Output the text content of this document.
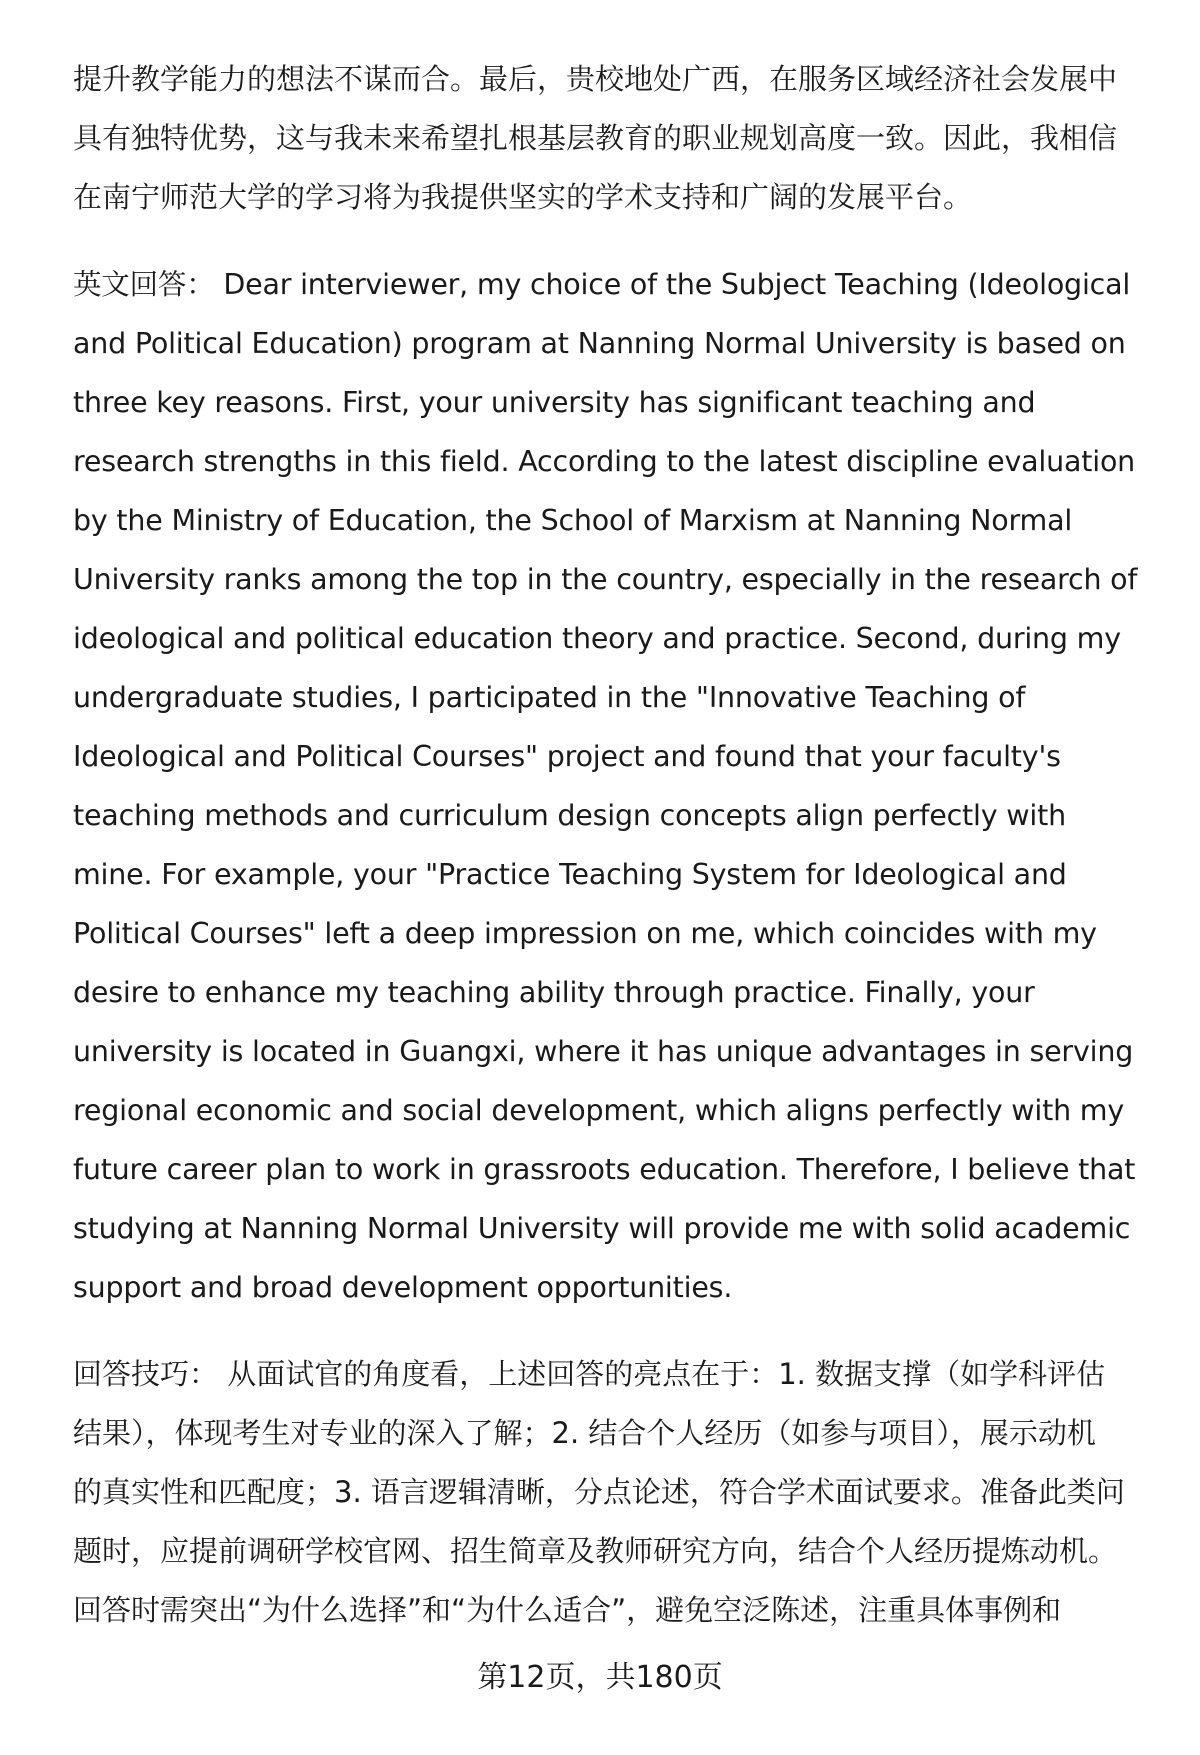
提升教学能力的想法不谋而合。最后，贵校地处广西，在服务区域经济社会发展中
具有独特优势，这与我未来希望扎根基层教育的职业规划高度一致。因此，我相信
在南宁师范大学的学习将为我提供坚实的学术支持和广阔的发展平台。
英文回答： Dear interviewer, my choice of the Subject Teaching (Ideological
and Political Education) program at Nanning Normal University is based on
three key reasons. First, your university has significant teaching and
research strengths in this field. According to the latest discipline evaluation
by the Ministry of Education, the School of Marxism at Nanning Normal
University ranks among the top in the country, especially in the research of
ideological and political education theory and practice. Second, during my
undergraduate studies, I participated in the "Innovative Teaching of
Ideological and Political Courses" project and found that your faculty's
teaching methods and curriculum design concepts align perfectly with
mine. For example, your "Practice Teaching System for Ideological and
Political Courses" left a deep impression on me, which coincides with my
desire to enhance my teaching ability through practice. Finally, your
university is located in Guangxi, where it has unique advantages in serving
regional economic and social development, which aligns perfectly with my
future career plan to work in grassroots education. Therefore, I believe that
studying at Nanning Normal University will provide me with solid academic
support and broad development opportunities.
回答技巧： 从面试官的角度看，上述回答的亮点在于：1. 数据支撑（如学科评估
结果），体现考生对专业的深入了解；2. 结合个人经历（如参与项目），展示动机
的真实性和匹配度；3. 语言逻辑清晰，分点论述，符合学术面试要求。准备此类问
题时，应提前调研学校官网、招生简章及教师研究方向，结合个人经历提炼动机。
回答时需突出“为什么选择”和“为什么适合”，避免空泛陈述，注重具体事例和
第12页，共180页
